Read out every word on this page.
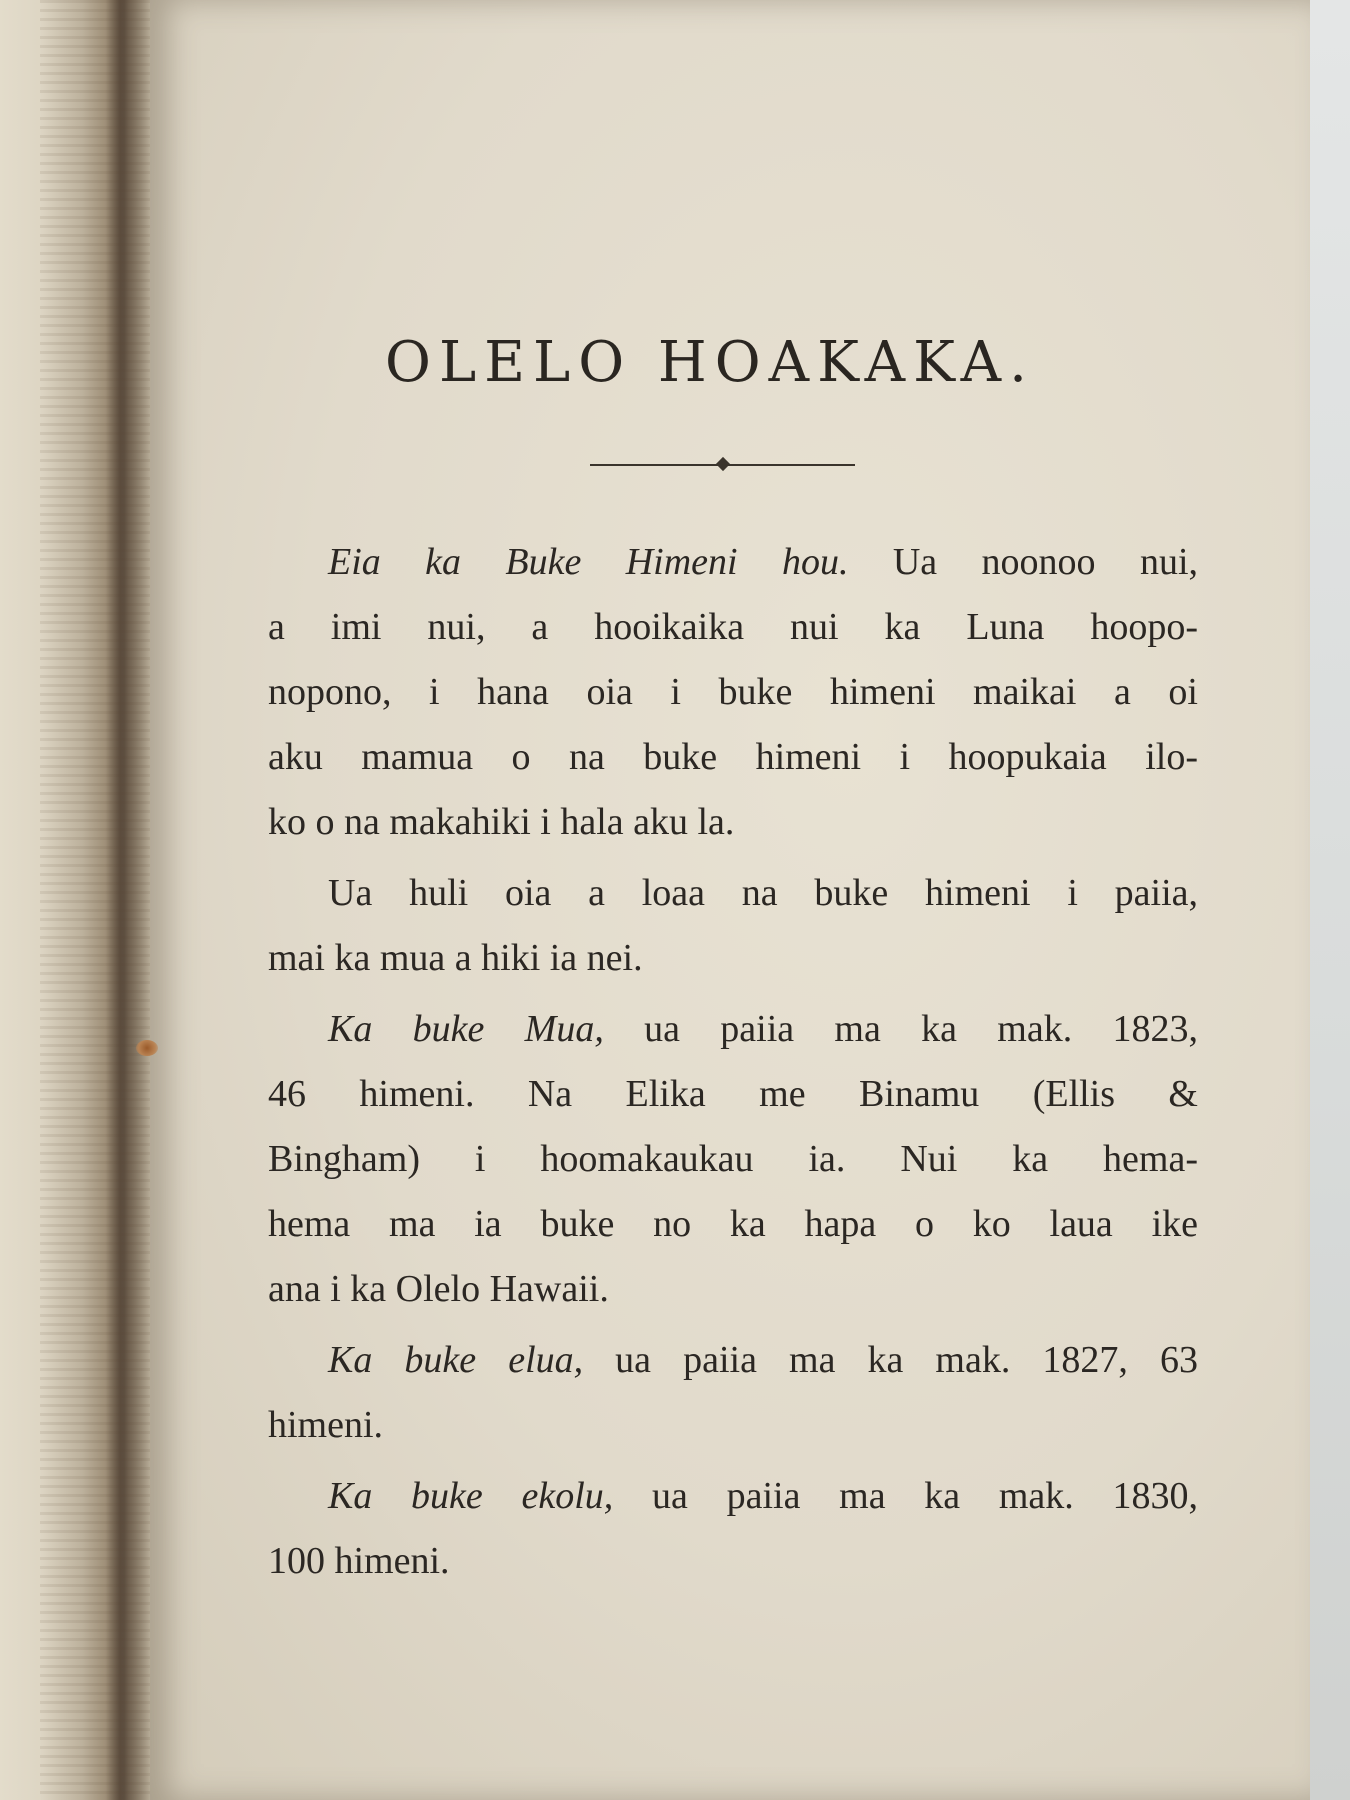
OLELO HOAKAKA.
Eia ka Buke Himeni hou. Ua noonoo nui,
a imi nui, a hooikaika nui ka Luna hoopo-
nopono, i hana oia i buke himeni maikai a oi
aku mamua o na buke himeni i hoopukaia ilo-
ko o na makahiki i hala aku la.
Ua huli oia a loaa na buke himeni i paiia,
mai ka mua a hiki ia nei.
Ka buke Mua, ua paiia ma ka mak. 1823,
46 himeni. Na Elika me Binamu (Ellis &
Bingham) i hoomakaukau ia. Nui ka hema-
hema ma ia buke no ka hapa o ko laua ike
ana i ka Olelo Hawaii.
Ka buke elua, ua paiia ma ka mak. 1827, 63
himeni.
Ka buke ekolu, ua paiia ma ka mak. 1830,
100 himeni.
